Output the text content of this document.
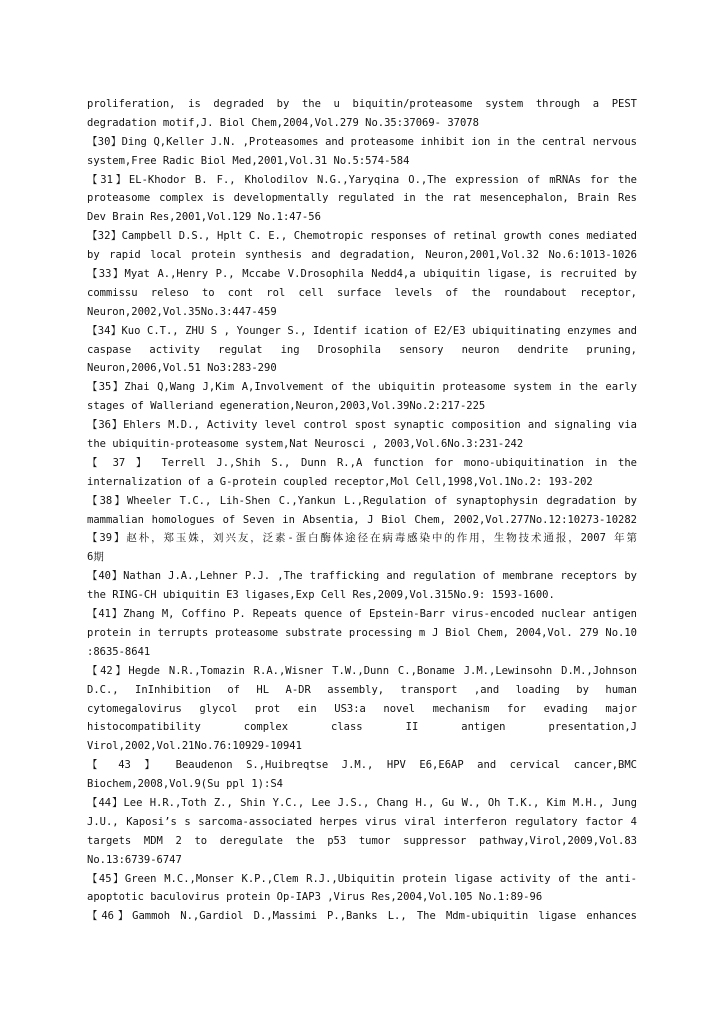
proliferation, is degraded by the u biquitin/proteasome system through a PEST
degradation motif,J. Biol Chem,2004,Vol.279 No.35:37069- 37078
【30】Ding Q,Keller J.N. ,Proteasomes and proteasome inhibit ion in the central nervous
system,Free Radic Biol Med,2001,Vol.31 No.5:574-584
【31】EL-Khodor B. F., Kholodilov N.G.,Yaryqina O.,The expression of mRNAs for the
proteasome complex is developmentally regulated in the rat mesencephalon, Brain Res
Dev Brain Res,2001,Vol.129 No.1:47-56
【32】Campbell D.S., Hplt C. E., Chemotropic responses of retinal growth cones mediated
by rapid local protein synthesis and degradation, Neuron,2001,Vol.32 No.6:1013-1026
【33】Myat A.,Henry P., Mccabe V.Drosophila Nedd4,a ubiquitin ligase, is recruited by
commissu releso to cont rol cell surface levels of the roundabout receptor,
Neuron,2002,Vol.35No.3:447-459
【34】Kuo C.T., ZHU S , Younger S., Identif ication of E2/E3 ubiquitinating enzymes and
caspase activity regulat ing Drosophila sensory neuron dendrite pruning,
Neuron,2006,Vol.51 No3:283-290
【35】Zhai Q,Wang J,Kim A,Involvement of the ubiquitin proteasome system in the early
stages of Walleriand egeneration,Neuron,2003,Vol.39No.2:217-225
【36】Ehlers M.D., Activity level control spost synaptic composition and signaling via
the ubiquitin-proteasome system,Nat Neurosci , 2003,Vol.6No.3:231-242
【 37 】 Terrell J.,Shih S., Dunn R.,A function for mono-ubiquitination in the
internalization of a G-protein coupled receptor,Mol Cell,1998,Vol.1No.2: 193-202
【38】Wheeler T.C., Lih-Shen C.,Yankun L.,Regulation of synaptophysin degradation by
mammalian homologues of Seven in Absentia, J Biol Chem, 2002,Vol.277No.12:10273-10282
【39】赵朴，郑玉姝，刘兴友，泛素-蛋白酶体途径在病毒感染中的作用，生物技术通报，2007 年第
6期
【40】Nathan J.A.,Lehner P.J. ,The trafficking and regulation of membrane receptors by
the RING-CH ubiquitin E3 ligases,Exp Cell Res,2009,Vol.315No.9: 1593-1600.
【41】Zhang M, Coffino P. Repeats quence of Epstein-Barr virus-encoded nuclear antigen
protein in terrupts proteasome substrate processing m J Biol Chem, 2004,Vol. 279 No.10
:8635-8641
【42】Hegde N.R.,Tomazin R.A.,Wisner T.W.,Dunn C.,Boname J.M.,Lewinsohn D.M.,Johnson
D.C., InInhibition of HL A-DR assembly, transport ,and loading by human
cytomegalovirus glycol prot ein US3:a novel mechanism for evading major
histocompatibility complex class II antigen presentation,J
Virol,2002,Vol.21No.76:10929-10941
【 43 】 Beaudenon S.,Huibreqtse J.M., HPV E6,E6AP and cervical cancer,BMC
Biochem,2008,Vol.9(Su ppl 1):S4
【44】Lee H.R.,Toth Z., Shin Y.C., Lee J.S., Chang H., Gu W., Oh T.K., Kim M.H., Jung
J.U., Kaposi’s s sarcoma-associated herpes virus viral interferon regulatory factor 4
targets MDM 2 to deregulate the p53 tumor suppressor pathway,Virol,2009,Vol.83
No.13:6739-6747
【45】Green M.C.,Monser K.P.,Clem R.J.,Ubiquitin protein ligase activity of the anti-
apoptotic baculovirus protein Op-IAP3 ,Virus Res,2004,Vol.105 No.1:89-96
【46】Gammoh N.,Gardiol D.,Massimi P.,Banks L., The Mdm-ubiquitin ligase enhances
